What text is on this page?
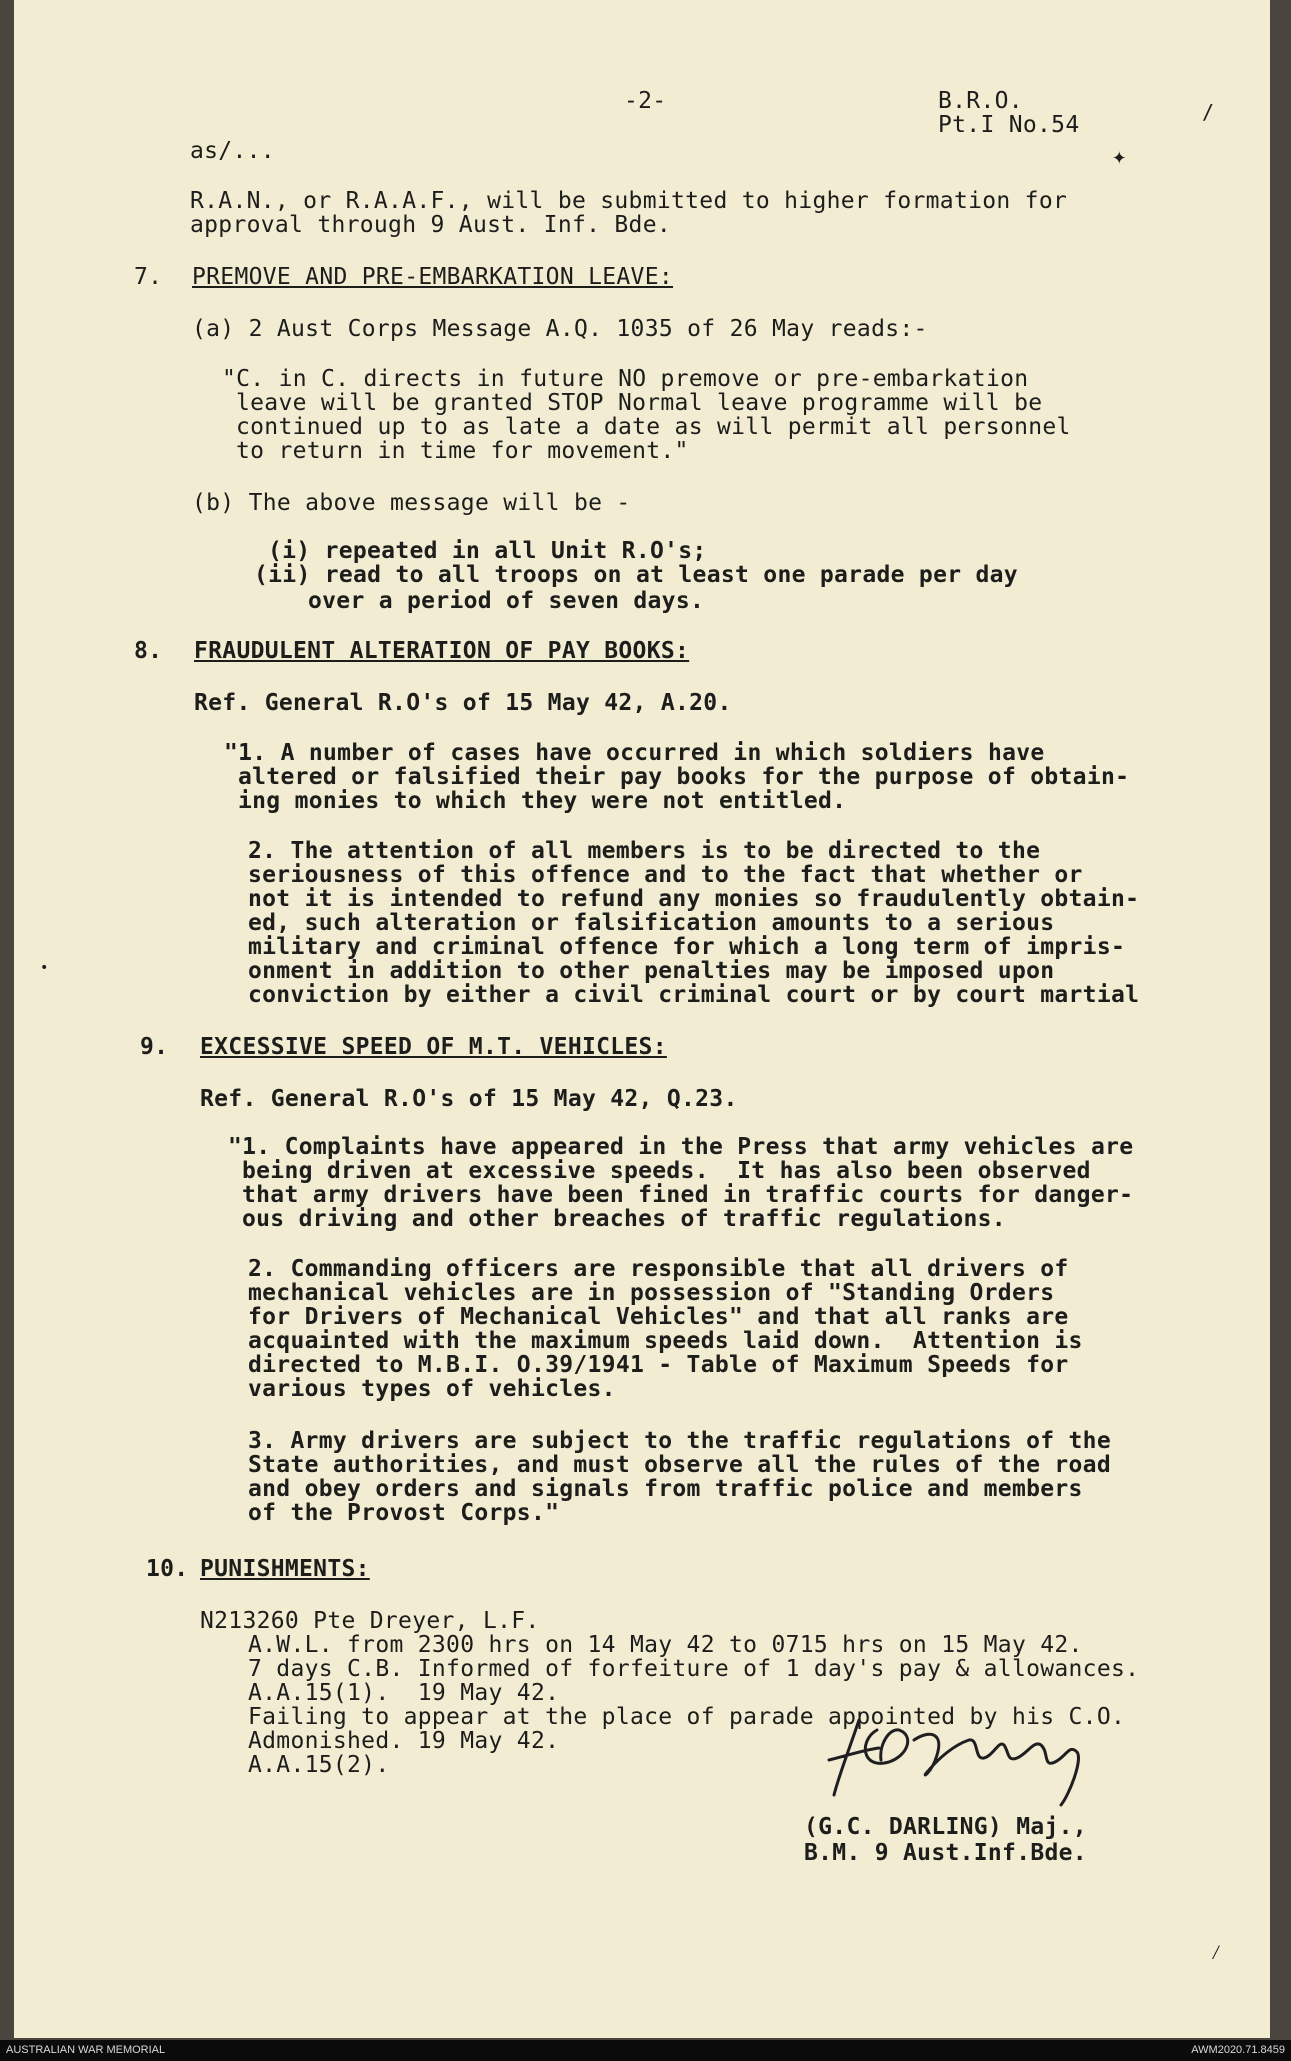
-2-	B.R.O.
Pt.I No.54
✦
as/...
R.A.N., or R.A.A.F., will be submitted to higher formation for
approval through 9 Aust. Inf. Bde.
7. PREMOVE AND PRE-EMBARKATION LEAVE:
(a) 2 Aust Corps Message A.Q. 1035 of 26 May reads:-
"C. in C. directs in future NO premove or pre-embarkation
leave will be granted STOP Normal leave programme will be
continued up to as late a date as will permit all personnel
to return in time for movement."
(b) The above message will be -
(i) repeated in all Unit R.O's;
(ii) read to all troops on at least one parade per day
over a period of seven days.
8. FRAUDULENT ALTERATION OF PAY BOOKS:
Ref. General R.O's of 15 May 42, A.20.
"1. A number of cases have occurred in which soldiers have
altered or falsified their pay books for the purpose of obtain-
ing monies to which they were not entitled.
2. The attention of all members is to be directed to the
seriousness of this offence and to the fact that whether or
not it is intended to refund any monies so fraudulently obtain-
ed, such alteration or falsification amounts to a serious
military and criminal offence for which a long term of impris-
onment in addition to other penalties may be imposed upon
conviction by either a civil criminal court or by court martial
•
9. EXCESSIVE SPEED OF M.T. VEHICLES:
Ref. General R.O's of 15 May 42, Q.23.
"1. Complaints have appeared in the Press that army vehicles are
being driven at excessive speeds.  It has also been observed
that army drivers have been fined in traffic courts for danger-
ous driving and other breaches of traffic regulations.
2. Commanding officers are responsible that all drivers of
mechanical vehicles are in possession of "Standing Orders
for Drivers of Mechanical Vehicles" and that all ranks are
acquainted with the maximum speeds laid down.  Attention is
directed to M.B.I. O.39/1941 - Table of Maximum Speeds for
various types of vehicles.
3. Army drivers are subject to the traffic regulations of the
State authorities, and must observe all the rules of the road
and obey orders and signals from traffic police and members
of the Provost Corps."
10. PUNISHMENTS:
N213260 Pte Dreyer, L.F.
A.W.L. from 2300 hrs on 14 May 42 to 0715 hrs on 15 May 42.
7 days C.B. Informed of forfeiture of 1 day's pay & allowances.
A.A.15(1).  19 May 42.
Failing to appear at the place of parade appointed by his C.O.
Admonished. 19 May 42.
A.A.15(2).
(G.C. DARLING) Maj.,
B.M. 9 Aust.Inf.Bde.
/
⁄
AUSTRALIAN WAR MEMORIAL	AWM2020.71.8459
